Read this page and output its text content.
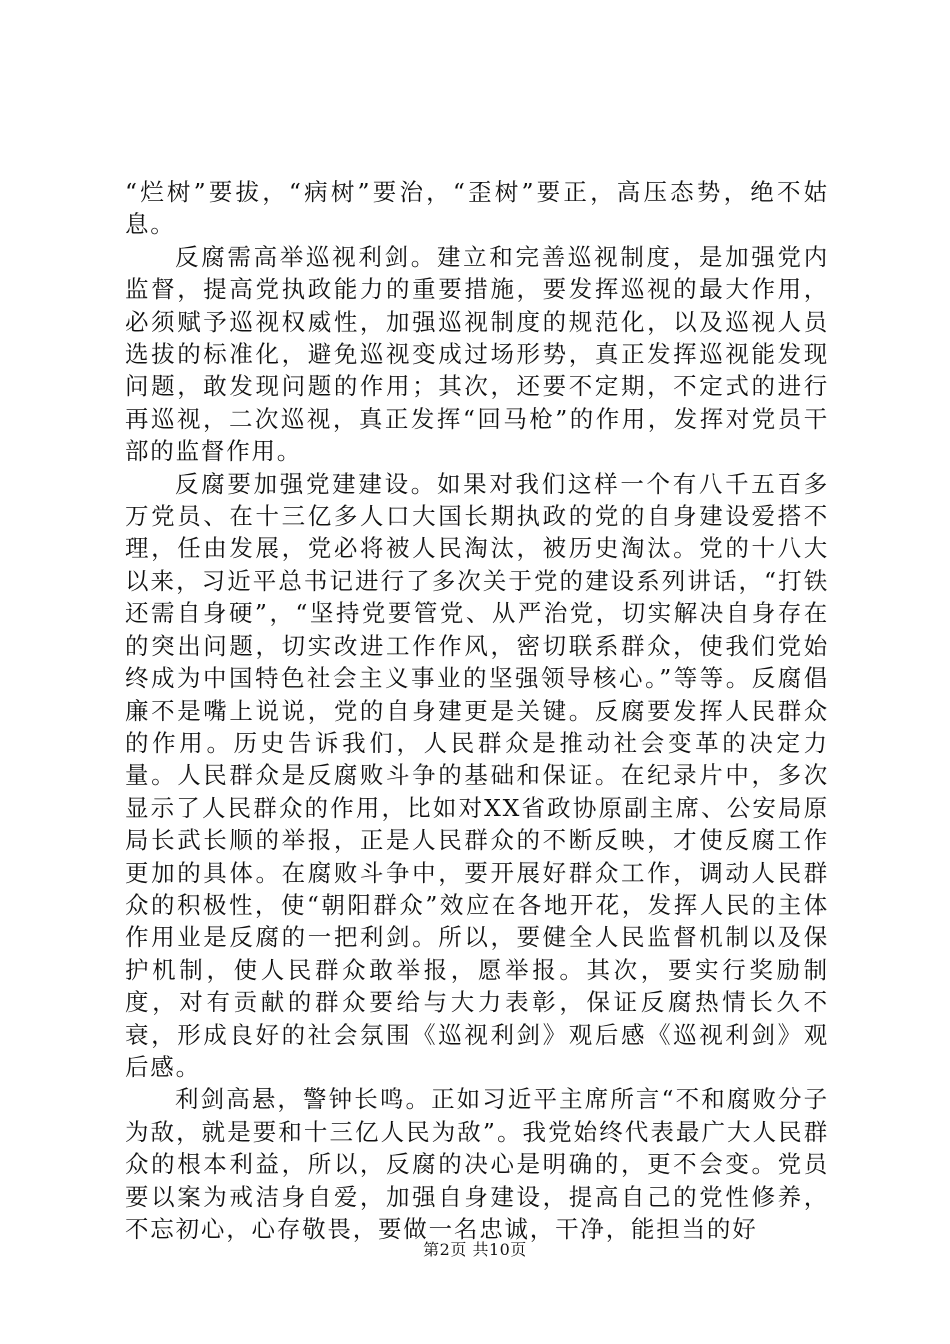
“烂树”要拔，“病树”要治，“歪树”要正，高压态势，绝不姑息。

反腐需高举巡视利剑。建立和完善巡视制度，是加强党内监督，提高党执政能力的重要措施，要发挥巡视的最大作用，必须赋予巡视权威性，加强巡视制度的规范化，以及巡视人员选拔的标准化，避免巡视变成过场形势，真正发挥巡视能发现问题，敢发现问题的作用；其次，还要不定期，不定式的进行再巡视，二次巡视，真正发挥“回马枪”的作用，发挥对党员干部的监督作用。

反腐要加强党建建设。如果对我们这样一个有八千五百多万党员、在十三亿多人口大国长期执政的党的自身建设爱搭不理，任由发展，党必将被人民淘汰，被历史淘汰。党的十八大以来，习近平总书记进行了多次关于党的建设系列讲话，“打铁还需自身硬”，“坚持党要管党、从严治党，切实解决自身存在的突出问题，切实改进工作作风，密切联系群众，使我们党始终成为中国特色社会主义事业的坚强领导核心。”等等。反腐倡廉不是嘴上说说，党的自身建更是关键。反腐要发挥人民群众的作用。历史告诉我们，人民群众是推动社会变革的决定力量。人民群众是反腐败斗争的基础和保证。在纪录片中，多次显示了人民群众的作用，比如对XX省政协原副主席、公安局原局长武长顺的举报，正是人民群众的不断反映，才使反腐工作更加的具体。在腐败斗争中，要开展好群众工作，调动人民群众的积极性，使“朝阳群众”效应在各地开花，发挥人民的主体作用业是反腐的一把利剑。所以，要健全人民监督机制以及保护机制，使人民群众敢举报，愿举报。其次，要实行奖励制度，对有贡献的群众要给与大力表彰，保证反腐热情长久不衰，形成良好的社会氛围《巡视利剑》观后感《巡视利剑》观后感。

利剑高悬，警钟长鸣。正如习近平主席所言“不和腐败分子为敌，就是要和十三亿人民为敌”。我党始终代表最广大人民群众的根本利益，所以，反腐的决心是明确的，更不会变。党员要以案为戒洁身自爱，加强自身建设，提高自己的党性修养，不忘初心，心存敬畏，要做一名忠诚，干净，能担当的好

第2页 共10页
